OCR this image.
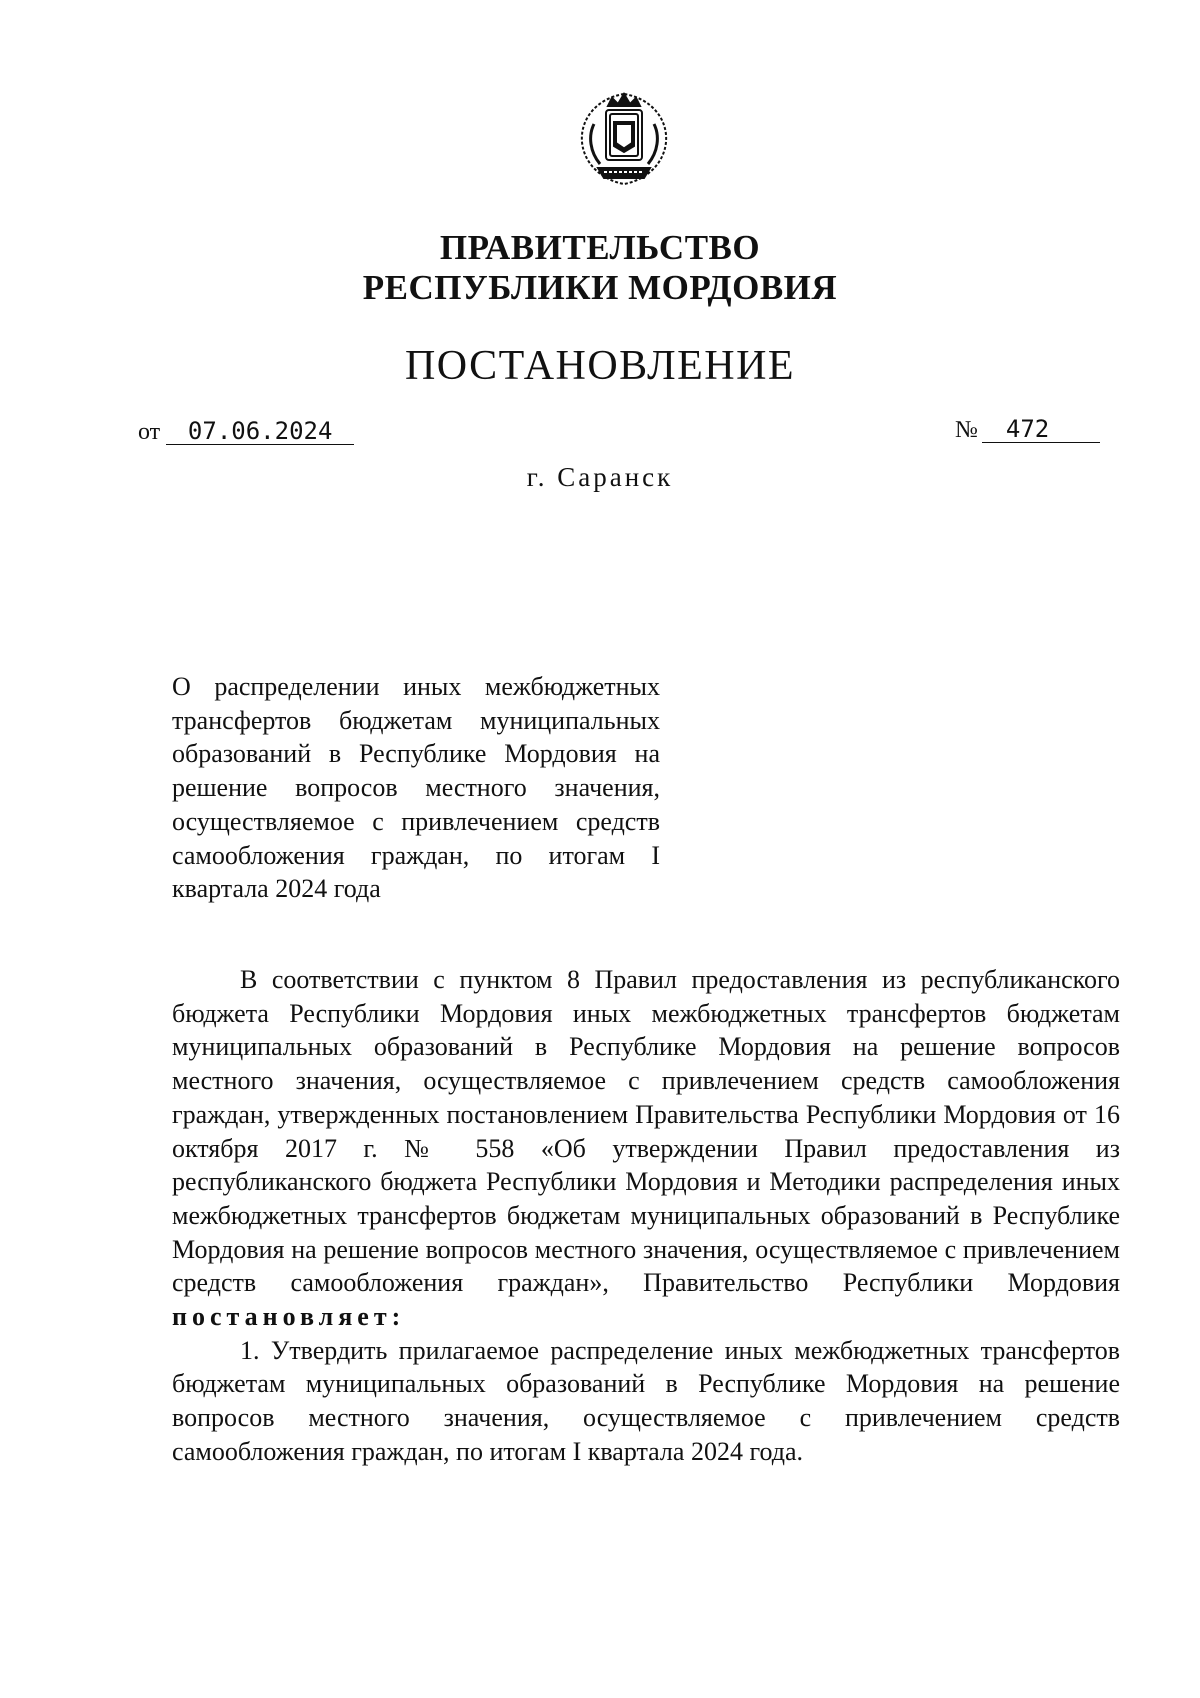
ПРАВИТЕЛЬСТВО
РЕСПУБЛИКИ МОРДОВИЯ
ПОСТАНОВЛЕНИЕ
от 07.06.2024	№ 472
г. Саранск

О распределении иных межбюджетных трансфертов бюджетам муниципальных образований в Республике Мордовия на решение вопросов местного значения, осуществляемое с привлечением средств самообложения граждан, по итогам I квартала 2024 года

В соответствии с пунктом 8 Правил предоставления из республиканского бюджета Республики Мордовия иных межбюджетных трансфертов бюджетам муниципальных образований в Республике Мордовия на решение вопросов местного значения, осуществляемое с привлечением средств самообложения граждан, утвержденных постановлением Правительства Республики Мордовия от 16 октября 2017 г. № 558 «Об утверждении Правил предоставления из республиканского бюджета Республики Мордовия и Методики распределения иных межбюджетных трансфертов бюджетам муниципальных образований в Республике Мордовия на решение вопросов местного значения, осуществляемое с привлечением средств самообложения граждан», Правительство Республики Мордовия постановляет:

1. Утвердить прилагаемое распределение иных межбюджетных трансфертов бюджетам муниципальных образований в Республике Мордовия на решение вопросов местного значения, осуществляемое с привлечением средств самообложения граждан, по итогам I квартала 2024 года.
